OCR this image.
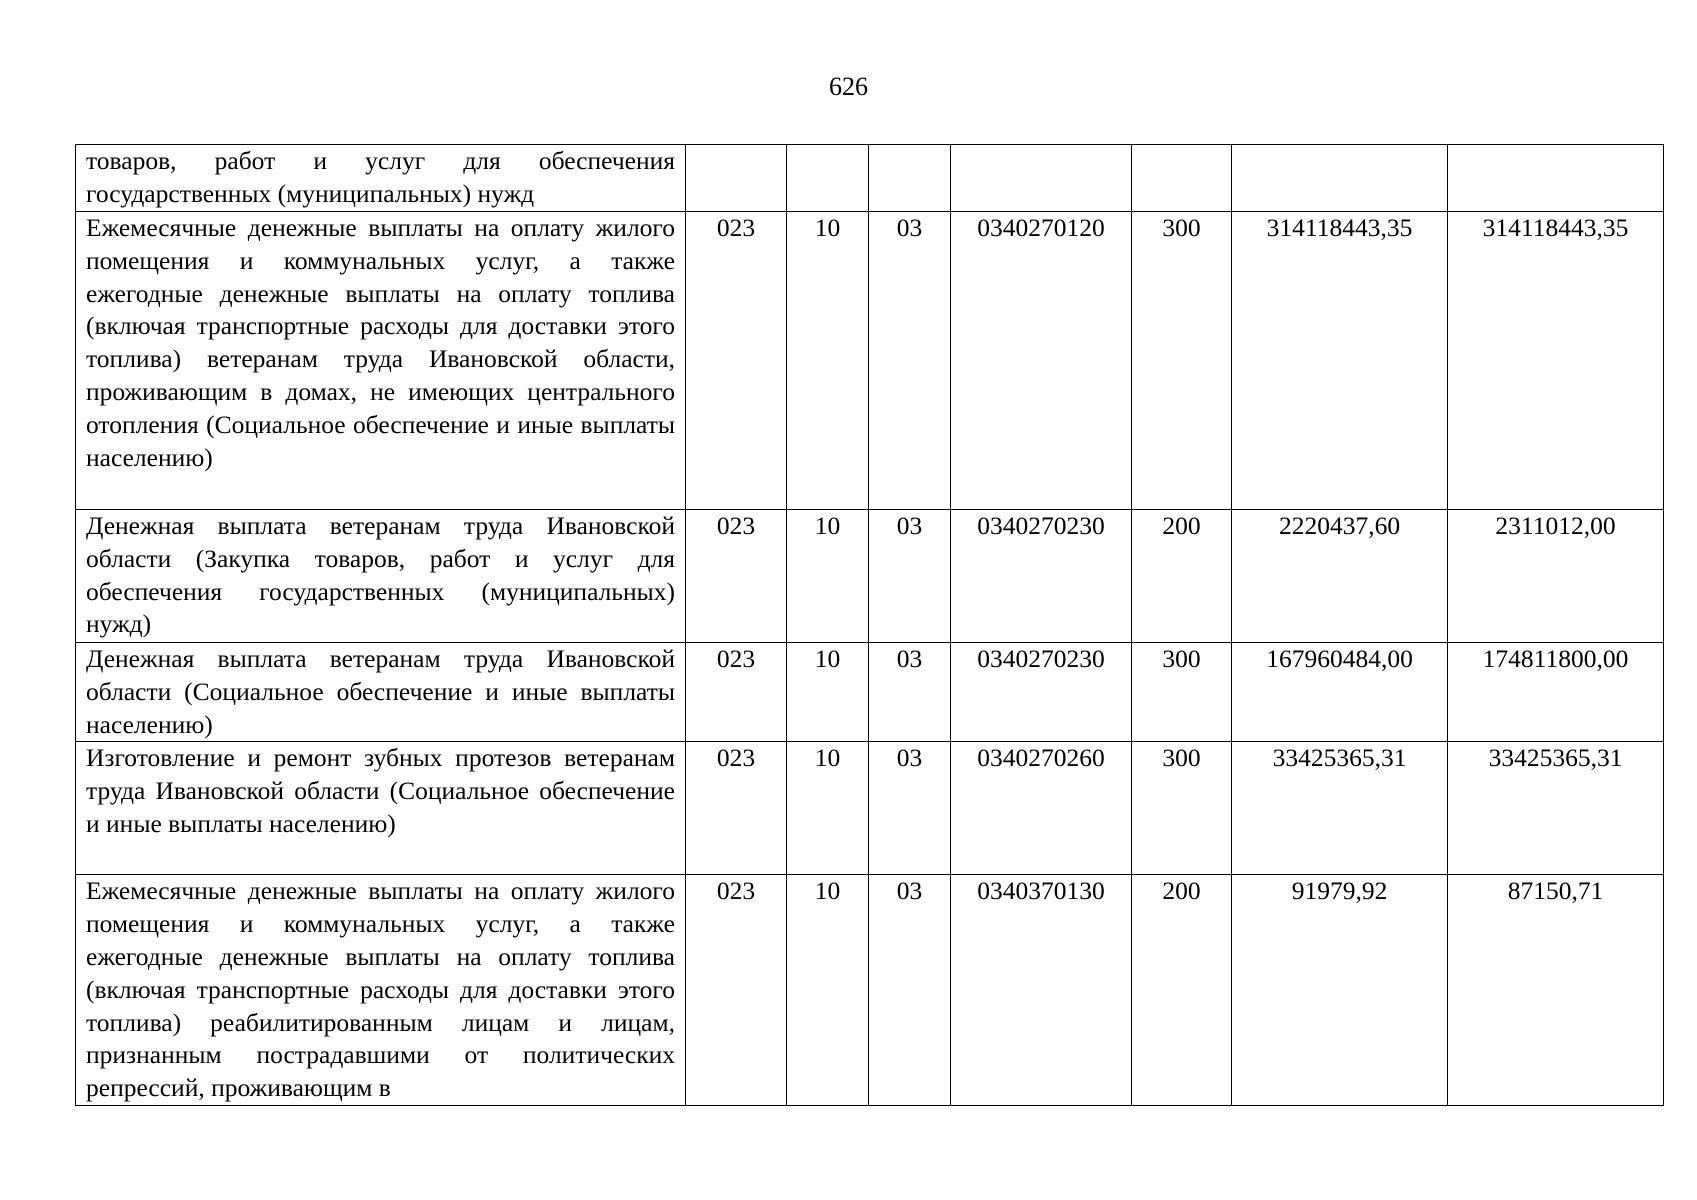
626
товаров, работ и услуг для обеспечения государственных (муниципальных) нужд							
Ежемесячные денежные выплаты на оплату жилого помещения и коммунальных услуг, а также ежегодные денежные выплаты на оплату топлива (включая транспортные расходы для доставки этого топлива) ветеранам труда Ивановской области, проживающим в домах, не имеющих центрального отопления (Социальное обеспечение и иные выплаты населению)	023	10	03	0340270120	300	314118443,35	314118443,35
Денежная выплата ветеранам труда Ивановской области (Закупка товаров, работ и услуг для обеспечения государственных (муниципальных) нужд)	023	10	03	0340270230	200	2220437,60	2311012,00
Денежная выплата ветеранам труда Ивановской области (Социальное обеспечение и иные выплаты населению)	023	10	03	0340270230	300	167960484,00	174811800,00
Изготовление и ремонт зубных протезов ветеранам труда Ивановской области (Социальное обеспечение и иные выплаты населению)	023	10	03	0340270260	300	33425365,31	33425365,31
Ежемесячные денежные выплаты на оплату жилого помещения и коммунальных услуг, а также ежегодные денежные выплаты на оплату топлива (включая транспортные расходы для доставки этого топлива) реабилитированным лицам и лицам, признанным пострадавшими от политических репрессий, проживающим в	023	10	03	0340370130	200	91979,92	87150,71
